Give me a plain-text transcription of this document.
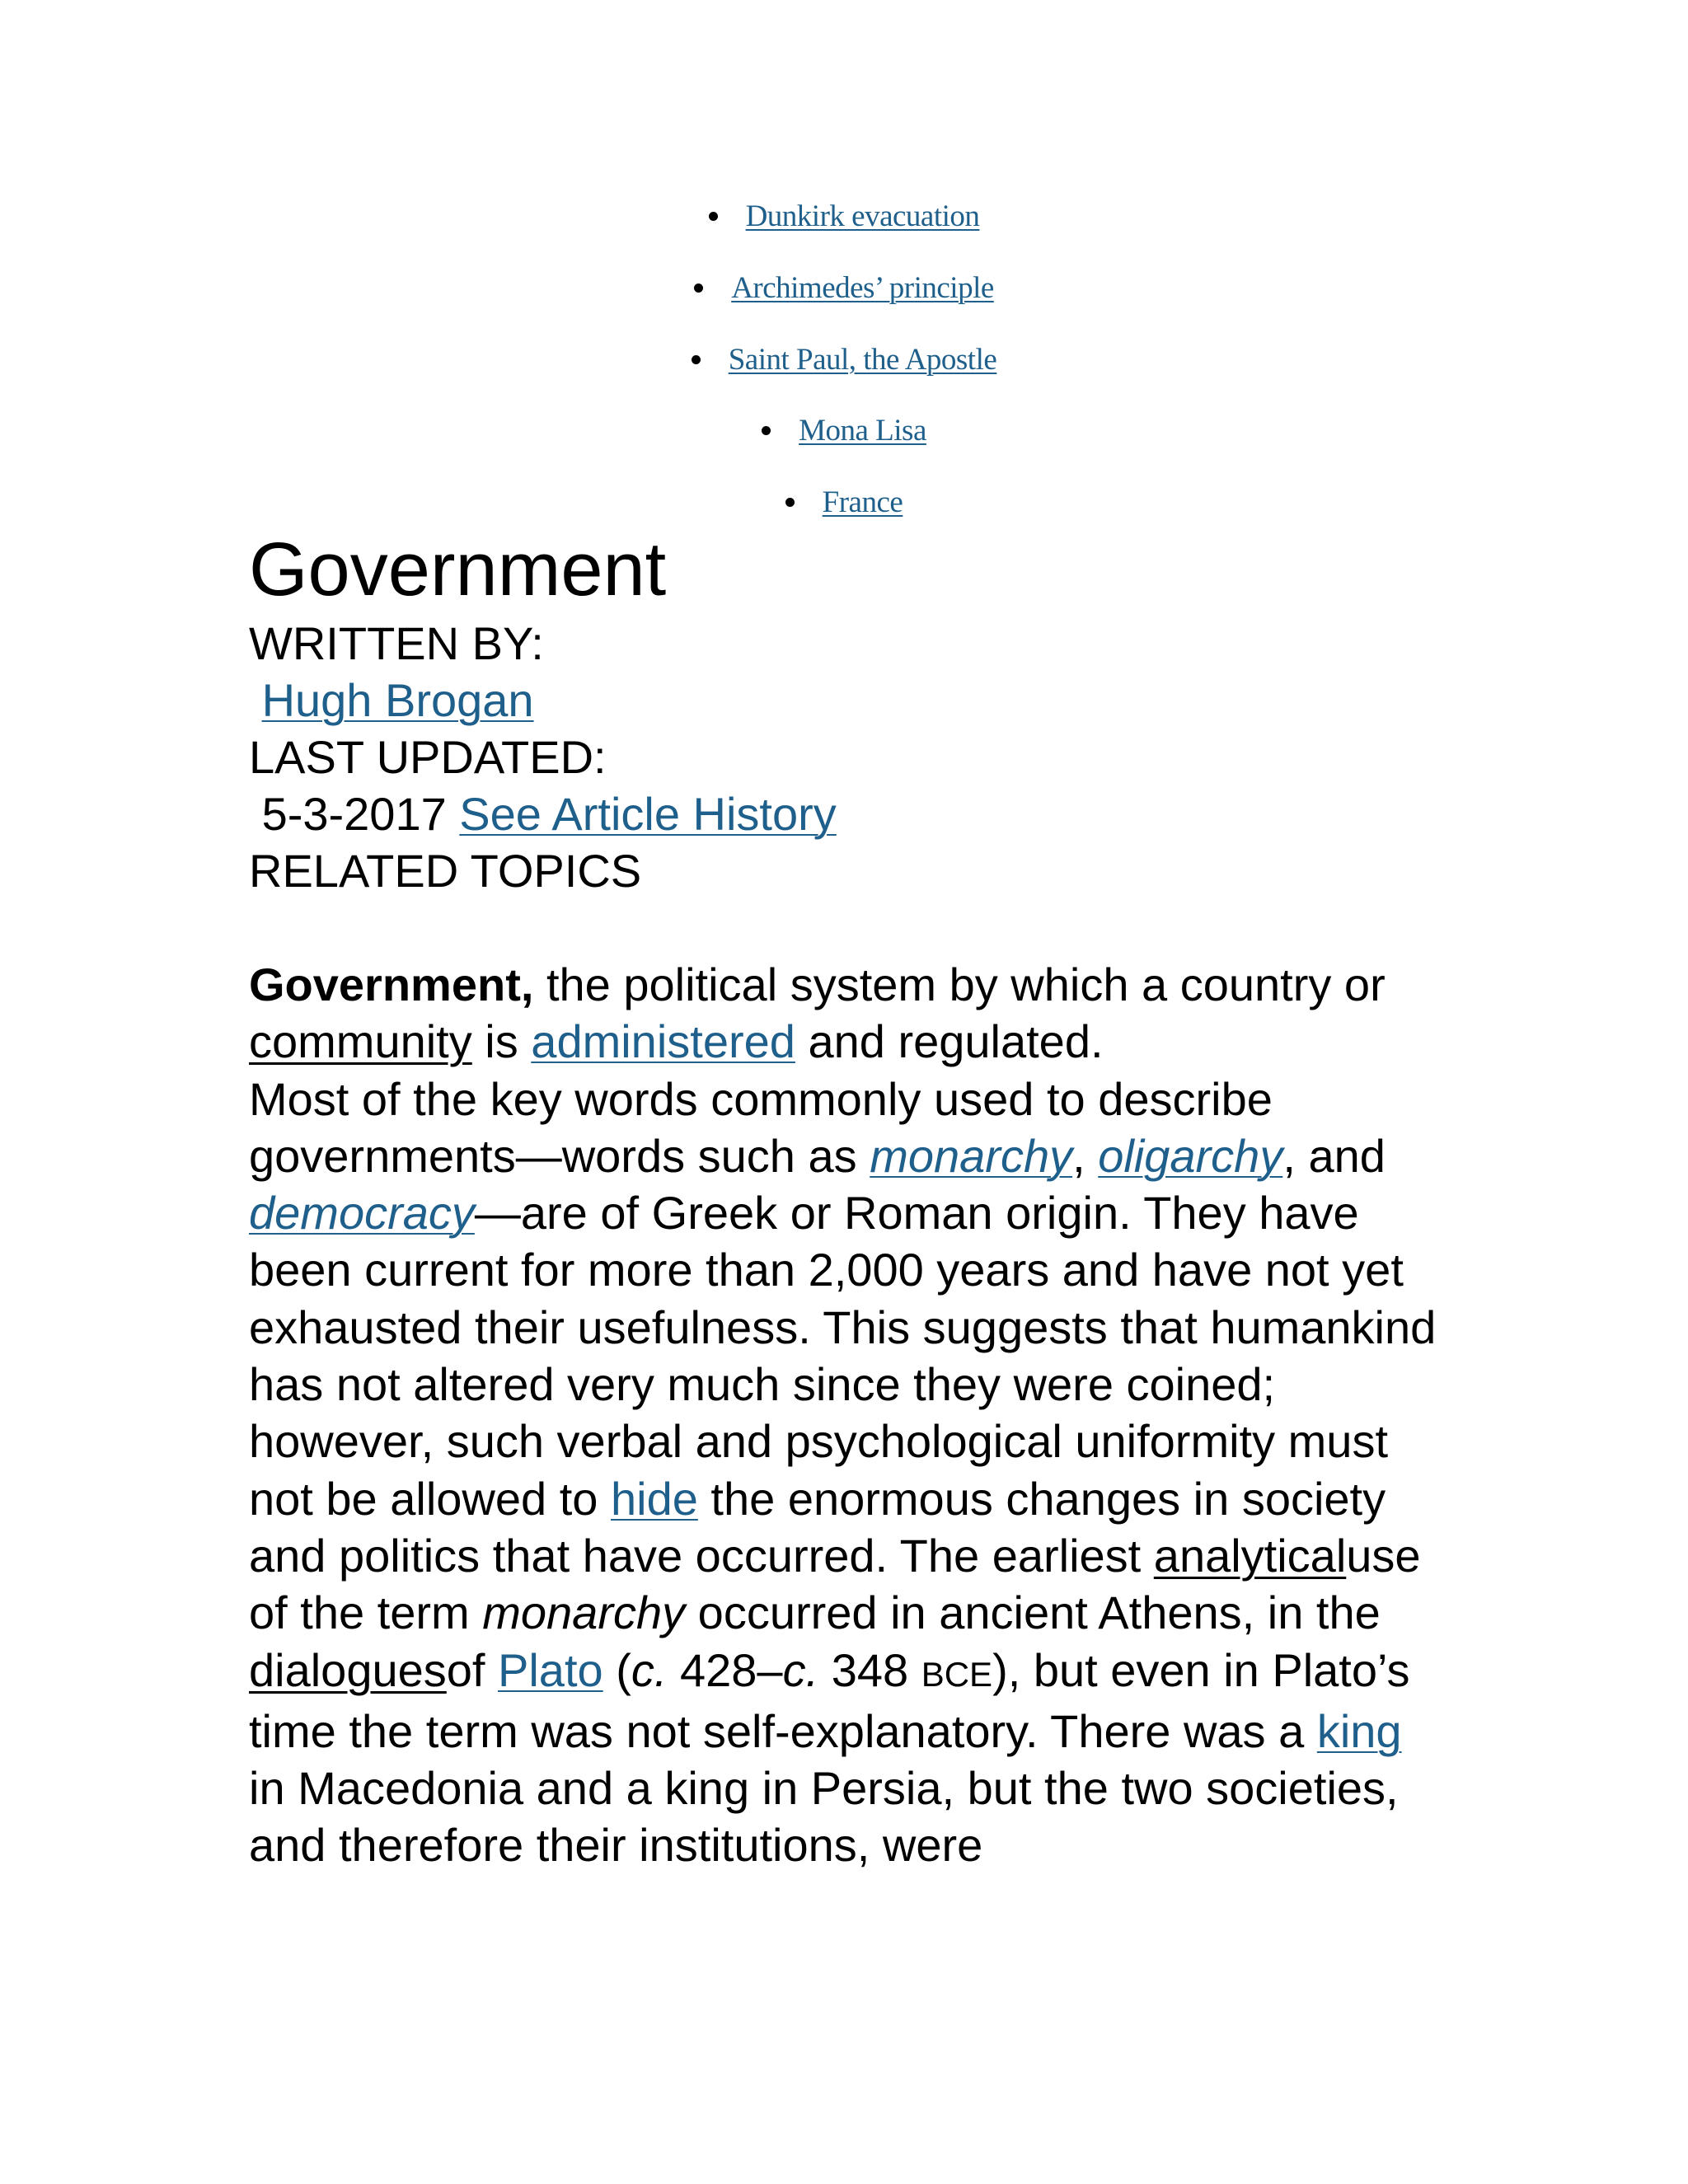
Dunkirk evacuation
Archimedes’ principle
Saint Paul, the Apostle
Mona Lisa
France
Government
WRITTEN BY:
Hugh Brogan
LAST UPDATED:
5-3-2017 See Article History
RELATED TOPICS

Government, the political system by which a country or community is administered and regulated.

Most of the key words commonly used to describe governments—words such as monarchy, oligarchy, and democracy—are of Greek or Roman origin. They have been current for more than 2,000 years and have not yet exhausted their usefulness. This suggests that humankind has not altered very much since they were coined; however, such verbal and psychological uniformity must not be allowed to hide the enormous changes in society and politics that have occurred. The earliest analyticaluse of the term monarchy occurred in ancient Athens, in the dialoguesof Plato (c. 428–c. 348 BCE), but even in Plato’s time the term was not self-explanatory. There was a king in Macedonia and a king in Persia, but the two societies, and therefore their institutions, were
